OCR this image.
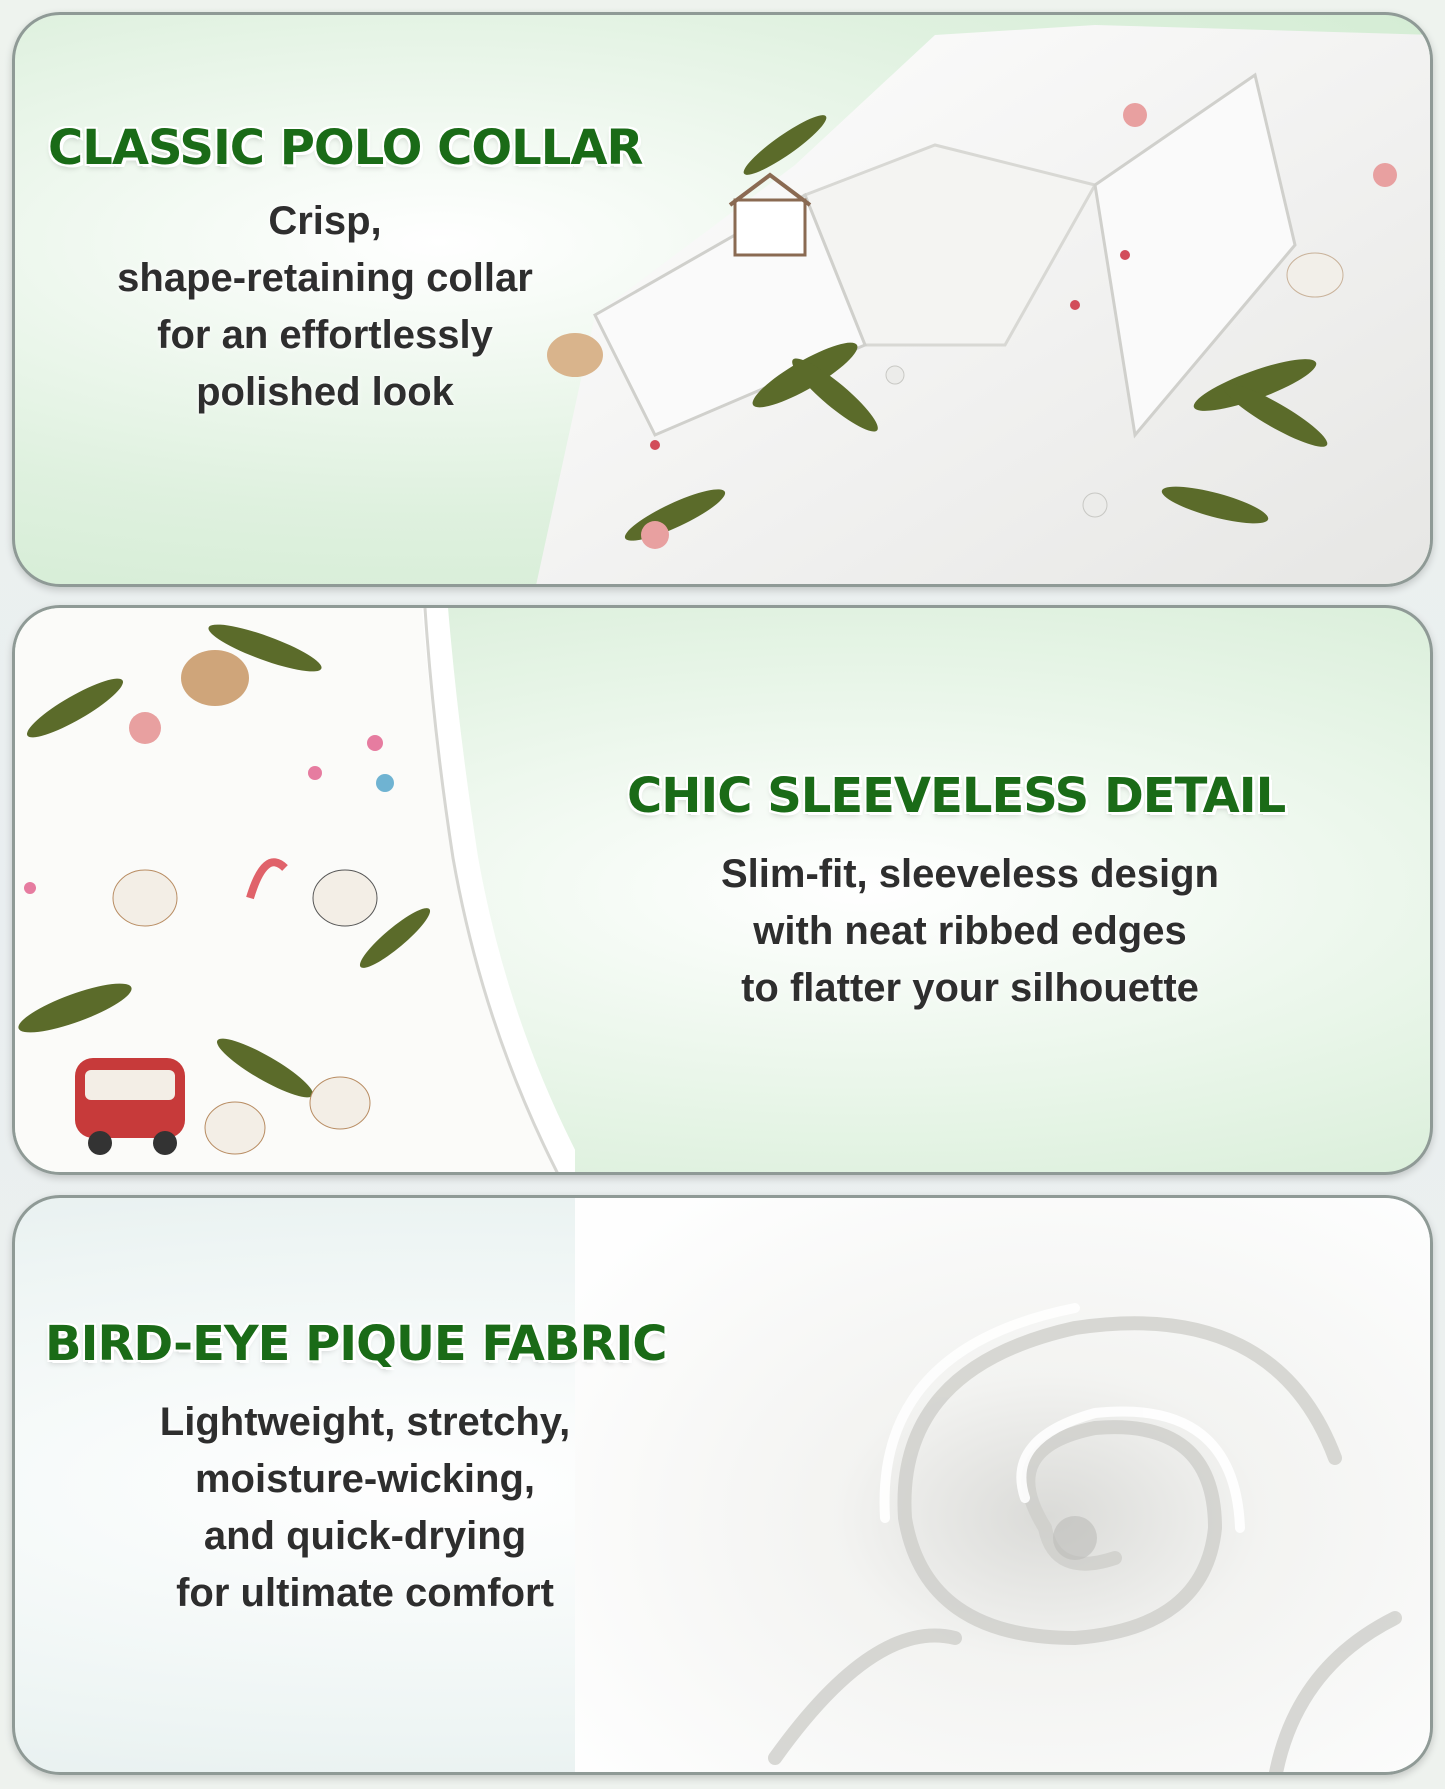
CLASSIC POLO COLLAR

Crisp,
shape-retaining collar
for an effortlessly
polished look

CHIC SLEEVELESS DETAIL

Slim-fit, sleeveless design
with neat ribbed edges
to flatter your silhouette

BIRD-EYE PIQUE FABRIC

Lightweight, stretchy,
moisture-wicking,
and quick-drying
for ultimate comfort
